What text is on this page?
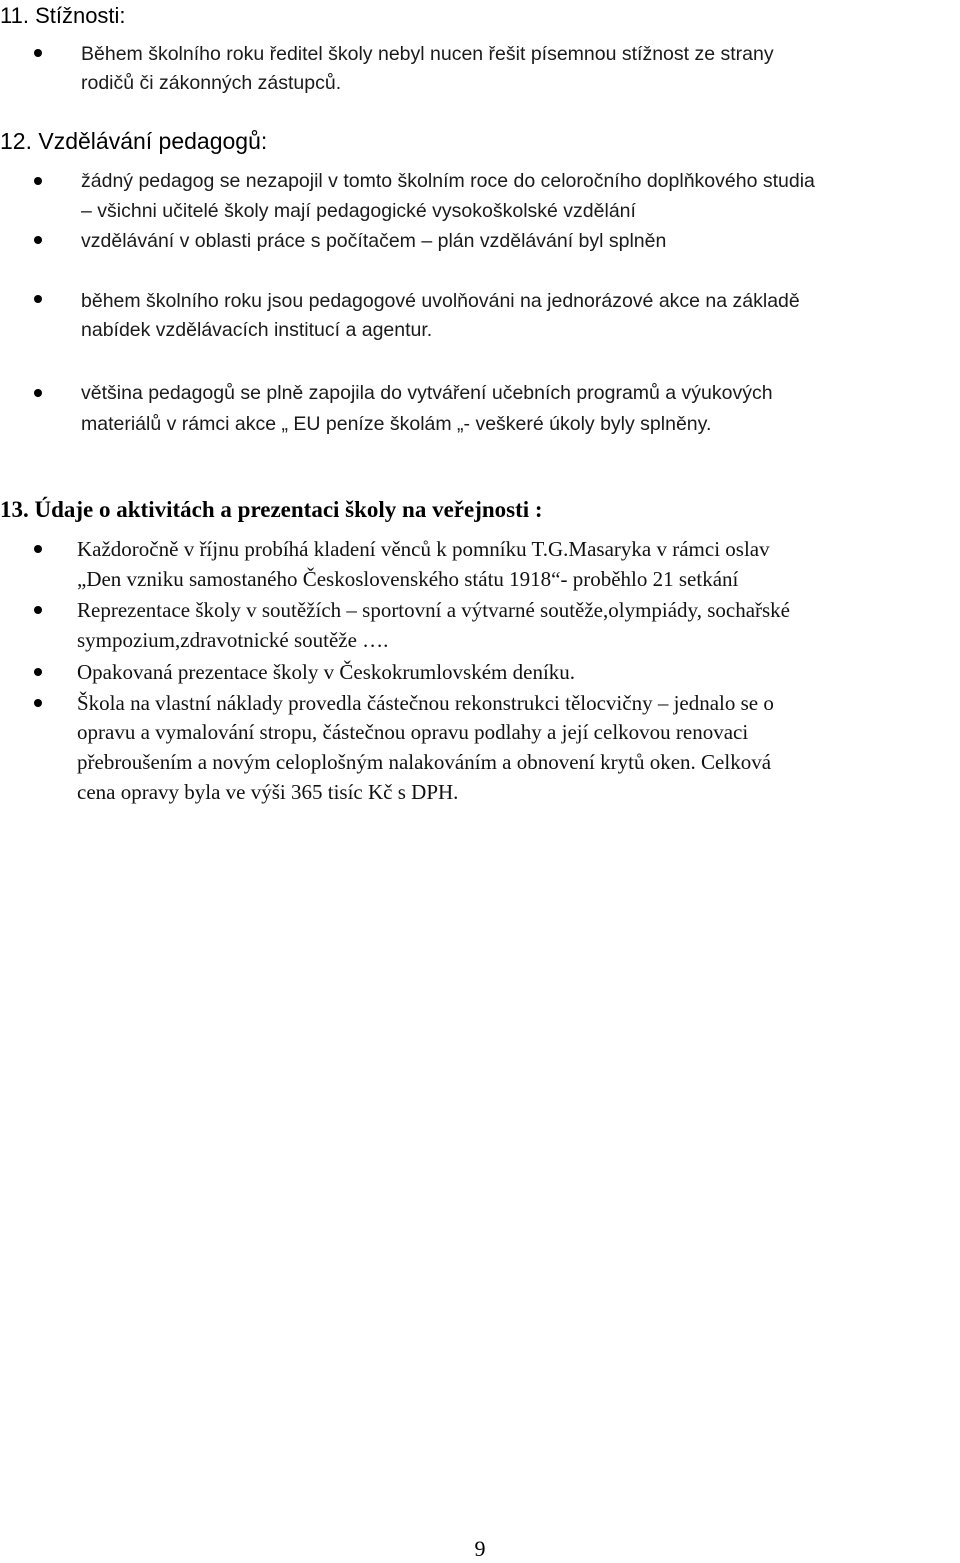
11. Stížnosti:
Během školního roku ředitel školy nebyl nucen řešit písemnou stížnost ze strany
rodičů či zákonných zástupců.
12. Vzdělávání pedagogů:
žádný pedagog se nezapojil v tomto školním roce do celoročního doplňkového studia
– všichni učitelé školy mají pedagogické vysokoškolské vzdělání
vzdělávání v oblasti práce s počítačem – plán vzdělávání byl splněn
během školního roku jsou pedagogové uvolňováni na jednorázové akce na základě
nabídek vzdělávacích institucí a agentur.
většina pedagogů se plně zapojila do vytváření učebních programů a výukových
materiálů v rámci akce „ EU peníze školám „- veškeré úkoly byly splněny.
13. Údaje o aktivitách a prezentaci školy na veřejnosti :
Každoročně v říjnu probíhá kladení věnců k pomníku T.G.Masaryka v rámci oslav
„Den vzniku samostaného Československého státu 1918“- proběhlo 21 setkání
Reprezentace školy v soutěžích – sportovní a výtvarné soutěže,olympiády, sochařské
sympozium,zdravotnické soutěže ….
Opakovaná prezentace školy v Českokrumlovském deníku.
Škola na vlastní náklady provedla částečnou rekonstrukci tělocvičny – jednalo se o
opravu a vymalování stropu, částečnou opravu podlahy a její celkovou renovaci
přebroušením a novým celoplošným nalakováním a obnovení krytů oken. Celková
cena opravy byla ve výši 365 tisíc Kč s DPH.
9
